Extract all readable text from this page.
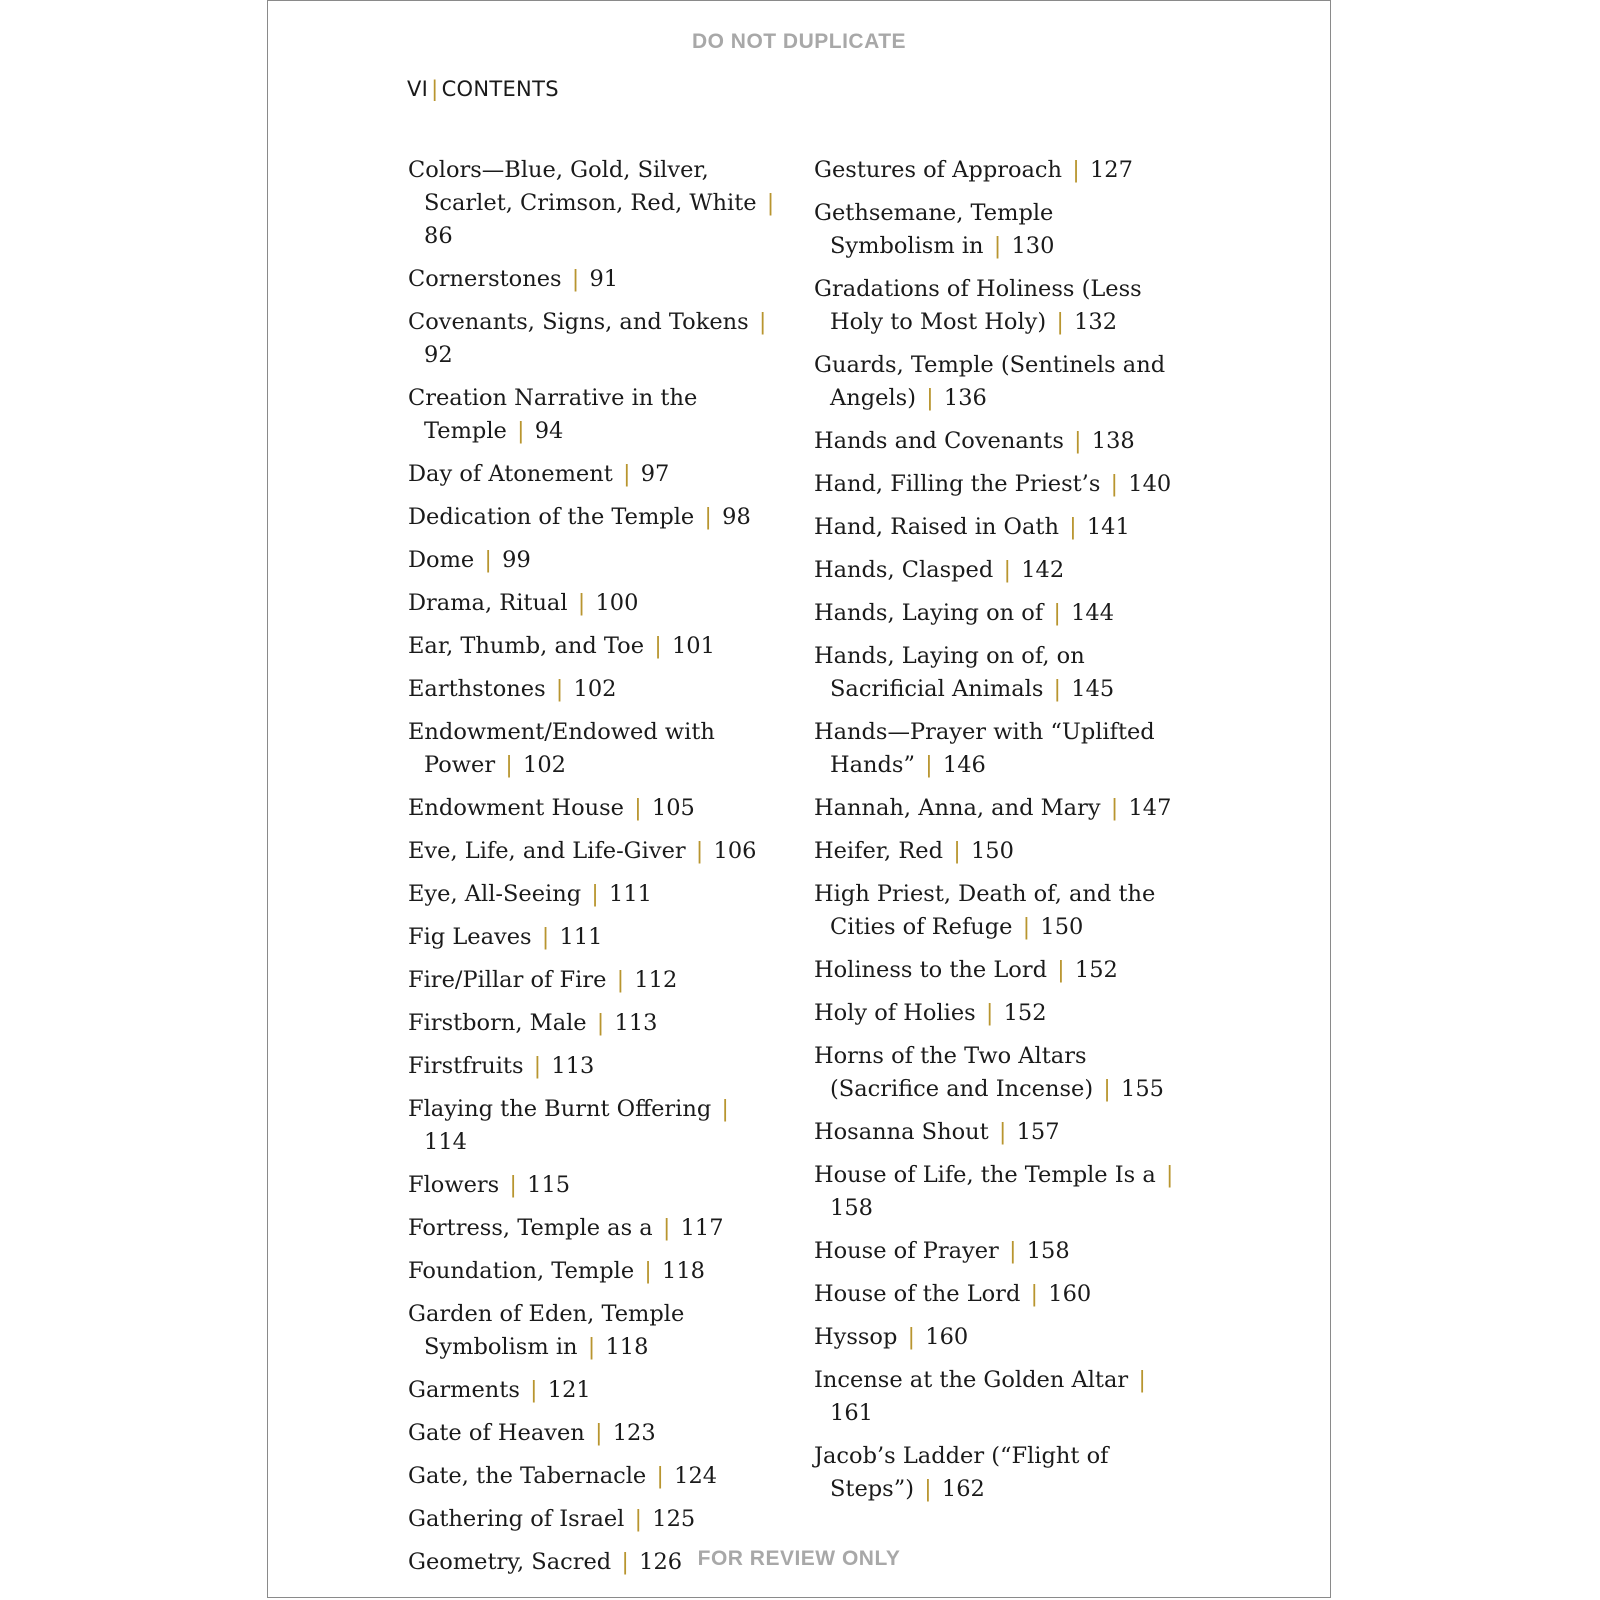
DO NOT DUPLICATE
VI | CONTENTS
Colors—Blue, Gold, Silver, Scarlet, Crimson, Red, White | 86
Cornerstones | 91
Covenants, Signs, and Tokens | 92
Creation Narrative in the Temple | 94
Day of Atonement | 97
Dedication of the Temple | 98
Dome | 99
Drama, Ritual | 100
Ear, Thumb, and Toe | 101
Earthstones | 102
Endowment/Endowed with Power | 102
Endowment House | 105
Eve, Life, and Life-Giver | 106
Eye, All-Seeing | 111
Fig Leaves | 111
Fire/Pillar of Fire | 112
Firstborn, Male | 113
Firstfruits | 113
Flaying the Burnt Offering | 114
Flowers | 115
Fortress, Temple as a | 117
Foundation, Temple | 118
Garden of Eden, Temple Symbolism in | 118
Garments | 121
Gate of Heaven | 123
Gate, the Tabernacle | 124
Gathering of Israel | 125
Geometry, Sacred | 126
Gestures of Approach | 127
Gethsemane, Temple Symbolism in | 130
Gradations of Holiness (Less Holy to Most Holy) | 132
Guards, Temple (Sentinels and Angels) | 136
Hands and Covenants | 138
Hand, Filling the Priest’s | 140
Hand, Raised in Oath | 141
Hands, Clasped | 142
Hands, Laying on of | 144
Hands, Laying on of, on Sacrificial Animals | 145
Hands—Prayer with “Uplifted Hands” | 146
Hannah, Anna, and Mary | 147
Heifer, Red | 150
High Priest, Death of, and the Cities of Refuge | 150
Holiness to the Lord | 152
Holy of Holies | 152
Horns of the Two Altars (Sacrifice and Incense) | 155
Hosanna Shout | 157
House of Life, the Temple Is a | 158
House of Prayer | 158
House of the Lord | 160
Hyssop | 160
Incense at the Golden Altar | 161
Jacob’s Ladder (“Flight of Steps”) | 162
FOR REVIEW ONLY
